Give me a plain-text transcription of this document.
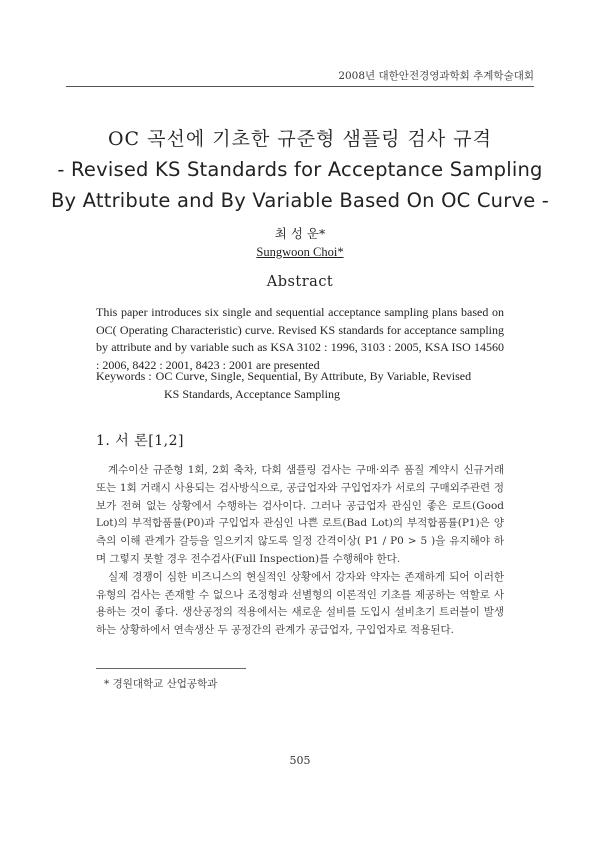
2008년 대한안전경영과학회 추계학술대회
OC 곡선에 기초한 규준형 샘플링 검사 규격
- Revised KS Standards for Acceptance Sampling
By Attribute and By Variable Based On OC Curve -
최 성 운*
Sungwoon Choi*
Abstract
This paper introduces six single and sequential acceptance sampling plans based on OC( Operating Characteristic) curve. Revised KS standards for acceptance sampling by attribute and by variable such as KSA 3102 : 1996, 3103 : 2005, KSA ISO 14560 : 2006, 8422 : 2001, 8423 : 2001 are presented
Keywords : OC Curve, Single, Sequential, By Attribute, By Variable, Revised
KS Standards, Acceptance Sampling
1. 서 론[1,2]

계수이산 규준형 1회, 2회 축차, 다회 샘플링 검사는 구매·외주 품질 계약시 신규거래 또는 1회 거래시 사용되는 검사방식으로, 공급업자와 구입업자가 서로의 구매외주관련 정보가 전혀 없는 상황에서 수행하는 검사이다. 그러나 공급업자 관심인 좋은 로트(Good Lot)의 부적합품률(P0)과 구입업자 관심인 나쁜 로트(Bad Lot)의 부적합품률(P1)은 양측의 이해 관계가 갈등을 일으키지 않도록 일정 간격이상( P1 / P0 > 5 )을 유지해야 하며 그렇지 못할 경우 전수검사(Full Inspection)를 수행해야 한다.

실제 경쟁이 심한 비즈니스의 현실적인 상황에서 강자와 약자는 존재하게 되어 이러한 유형의 검사는 존재할 수 없으나 조정형과 선별형의 이론적인 기초를 제공하는 역할로 사용하는 것이 좋다. 생산공정의 적용에서는 새로운 설비를 도입시 설비초기 트러블이 발생하는 상황하에서 연속생산 두 공정간의 관계가 공급업자, 구입업자로 적용된다.

* 경원대학교 산업공학과
505
